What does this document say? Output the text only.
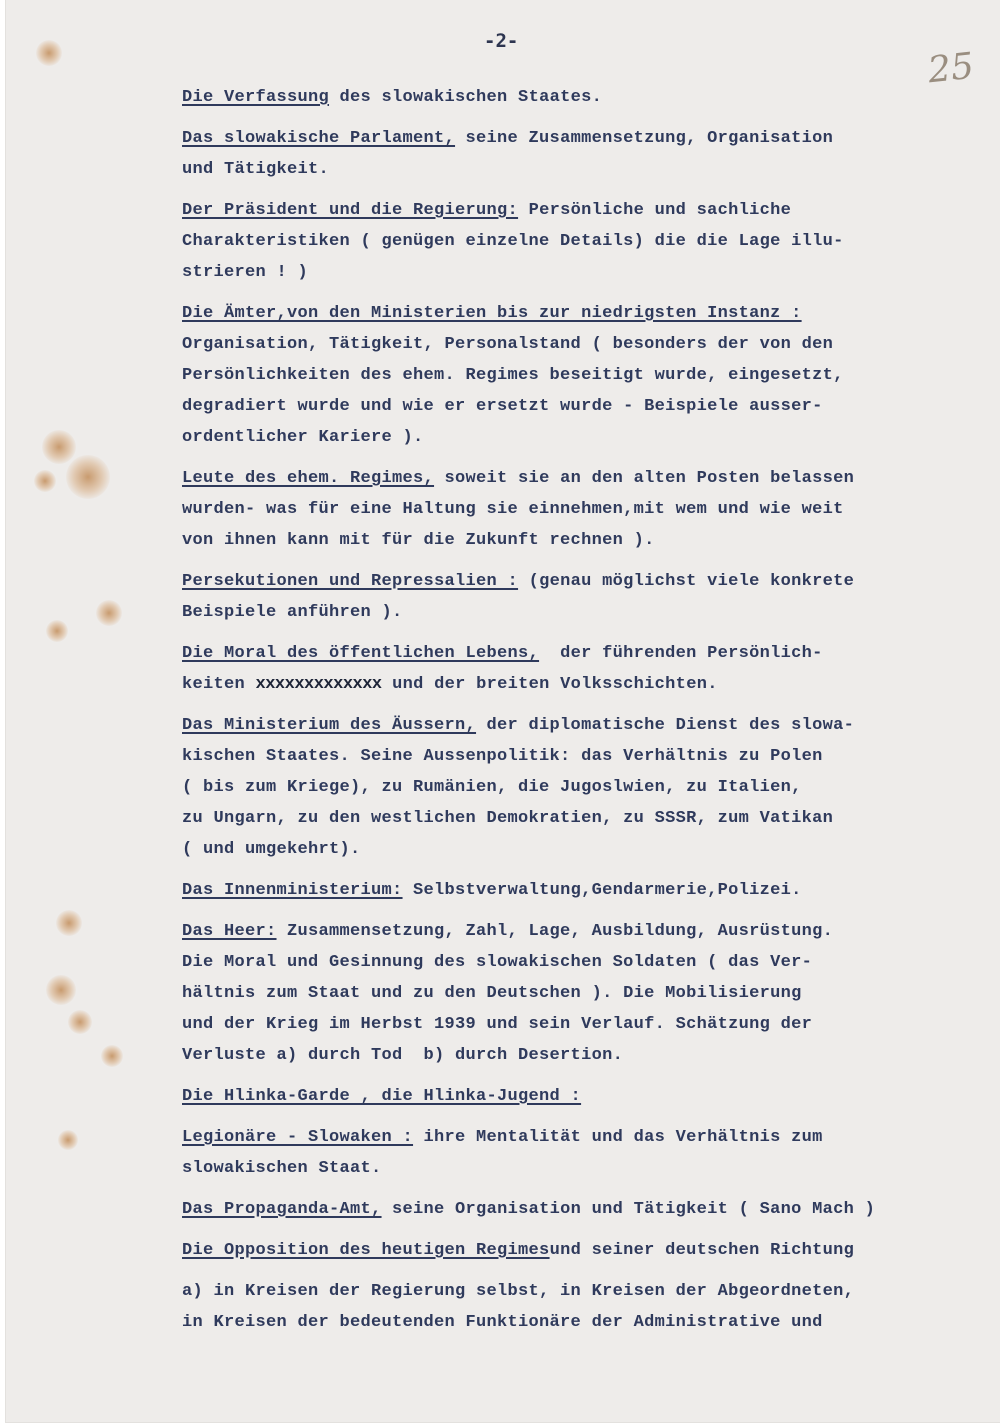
-2-
25
Die Verfassung des slowakischen Staates.
Das slowakische Parlament, seine Zusammensetzung, Organisation
und Tätigkeit.
Der Präsident und die Regierung: Persönliche und sachliche
Charakteristiken ( genügen einzelne Details) die die Lage illu-
strieren ! )
Die Ämter,von den Ministerien bis zur niedrigsten Instanz :
Organisation, Tätigkeit, Personalstand ( besonders der von den
Persönlichkeiten des ehem. Regimes beseitigt wurde, eingesetzt,
degradiert wurde und wie er ersetzt wurde - Beispiele ausser-
ordentlicher Kariere ).
Leute des ehem. Regimes, soweit sie an den alten Posten belassen
wurden- was für eine Haltung sie einnehmen,mit wem und wie weit
von ihnen kann mit für die Zukunft rechnen ).
Persekutionen und Repressalien : (genau möglichst viele konkrete
Beispiele anführen ).
Die Moral des öffentlichen Lebens,  der führenden Persönlich-
keiten xxxxxxxxxxxxx und der breiten Volksschichten.
Das Ministerium des Äussern, der diplomatische Dienst des slowa-
kischen Staates. Seine Aussenpolitik: das Verhältnis zu Polen
( bis zum Kriege), zu Rumänien, die Jugoslwien, zu Italien,
zu Ungarn, zu den westlichen Demokratien, zu SSSR, zum Vatikan
( und umgekehrt).
Das Innenministerium: Selbstverwaltung,Gendarmerie,Polizei.
Das Heer: Zusammensetzung, Zahl, Lage, Ausbildung, Ausrüstung.
Die Moral und Gesinnung des slowakischen Soldaten ( das Ver-
hältnis zum Staat und zu den Deutschen ). Die Mobilisierung
und der Krieg im Herbst 1939 und sein Verlauf. Schätzung der
Verluste a) durch Tod  b) durch Desertion.
Die Hlinka-Garde , die Hlinka-Jugend :
Legionäre - Slowaken : ihre Mentalität und das Verhältnis zum
slowakischen Staat.
Das Propaganda-Amt, seine Organisation und Tätigkeit ( Sano Mach )
Die Opposition des heutigen Regimesund seiner deutschen Richtung
a) in Kreisen der Regierung selbst, in Kreisen der Abgeordneten,
in Kreisen der bedeutenden Funktionäre der Administrative und
